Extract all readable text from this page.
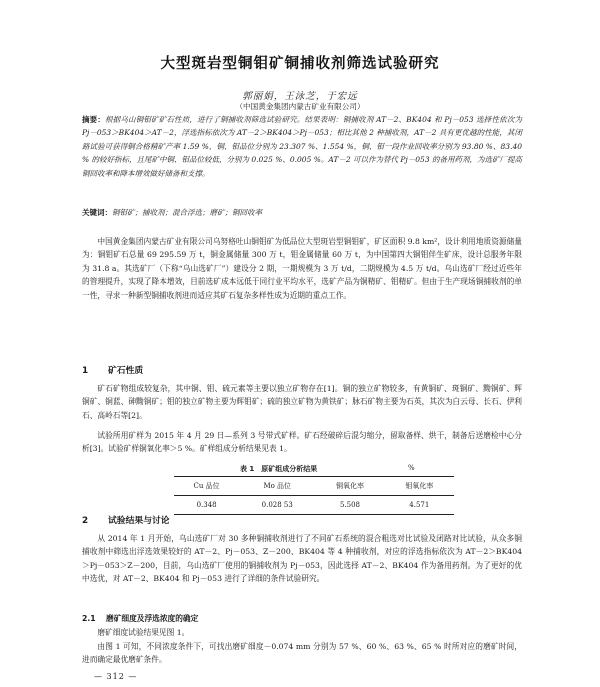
大型斑岩型铜钼矿铜捕收剂筛选试验研究
郭丽娟，王泳芝，于宏远
（中国黄金集团内蒙古矿业有限公司）
摘要：根据乌山铜钼矿矿石性质，进行了铜捕收剂筛选试验研究。结果表明：铜捕收剂 AT－2、BK404 和 Pj－053 选择性依次为 Pj－053＞BK404＞AT－2，浮选指标依次为 AT－2＞BK404＞Pj－053；相比其他 2 种捕收剂，AT－2 具有更优越的性能，其闭路试验可获得铜合格精矿产率 1.59 %，铜、钼品位分别为 23.307 %、1.554 %，铜、钼一段作业回收率分别为 93.80 %、83.40 % 的较好指标，且尾矿中铜、钼品位较低，分别为 0.025 %、0.005 %。AT－2 可以作为替代 Pj－053 的备用药剂，为选矿厂提高铜回收率和降本增效做好储备和支撑。
关键词：铜钼矿；捕收剂；混合浮选；磨矿；铜回收率
中国黄金集团内蒙古矿业有限公司乌努格吐山铜钼矿为低品位大型斑岩型铜钼矿，矿区面积 9.8 km²，设计利用地质资源储量为：铜钼矿石总量 69 295.59 万 t，铜金属储量 300 万 t，钼金属储量 60 万 t，为中国第四大铜钼伴生矿床，设计总服务年限为 31.8 a。其选矿厂（下称“乌山选矿厂”）建设分 2 期，一期规模为 3 万 t/d，二期规模为 4.5 万 t/d。乌山选矿厂经过近些年的管理提升，实现了降本增效，目前选矿成本远低于同行业平均水平，选矿产品为铜精矿、钼精矿。但由于生产现场铜捕收剂的单一性，寻求一种新型铜捕收剂进而适应其矿石复杂多样性成为近期的重点工作。
1 矿石性质
矿石矿物组成较复杂，其中铜、钼、硫元素等主要以独立矿物存在[1]。铜的独立矿物较多，有黄铜矿、斑铜矿、黝铜矿、辉铜矿、铜蓝、砷黝铜矿；钼的独立矿物主要为辉钼矿；硫的独立矿物为黄铁矿；脉石矿物主要为石英，其次为白云母、长石、伊利石、高岭石等[2]。
试验所用矿样为 2015 年 4 月 29 日—系列 3 号带式矿样。矿石经破碎后混匀缩分，留取备样、烘干，制备后送磨检中心分析[3]。试验矿样铜氧化率＞5 %。矿样组成分析结果见表 1。
表 1　原矿组成分析结果	%
Cu 品位	Mo 品位	铜氧化率	钼氧化率
0.348	0.028 53	5.508	4.571
2 试验结果与讨论
从 2014 年 1 月开始，乌山选矿厂对 30 多种铜捕收剂进行了不同矿石系统的混合粗选对比试验及闭路对比试验，从众多铜捕收剂中筛选出浮选效果较好的 AT－2、Pj－053、Z－200、BK404 等 4 种捕收剂，对应的浮选指标依次为 AT－2＞BK404＞Pj－053＞Z－200，目前，乌山选矿厂使用的铜捕收剂为 Pj－053，因此选择 AT－2、BK404 作为备用药剂。为了更好的优中选优，对 AT－2、BK404 和 Pj－053 进行了详细的条件试验研究。
2.1 磨矿细度及浮选浓度的确定
磨矿细度试验结果见图 1。
由图 1 可知，不同浓度条件下，可找出磨矿细度－0.074 mm 分别为 57 %、60 %、63 %、65 % 时所对应的磨矿时间，进而确定最优磨矿条件。
— 312 —
